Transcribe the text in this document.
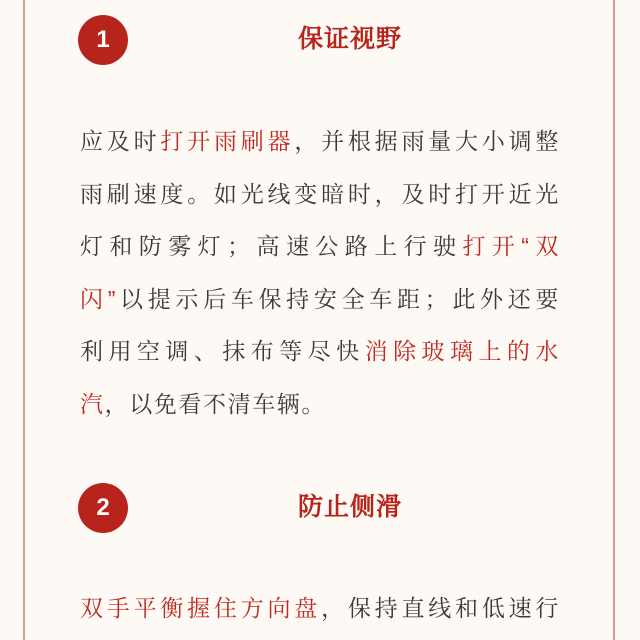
1	保证视野
应及时打开雨刷器，并根据雨量大小调整
雨刷速度。如光线变暗时，及时打开近光
灯和防雾灯；高速公路上行驶打开“双
闪”以提示后车保持安全车距；此外还要
利用空调、抹布等尽快消除玻璃上的水
汽，以免看不清车辆。
2	防止侧滑
双手平衡握住方向盘，保持直线和低速行
